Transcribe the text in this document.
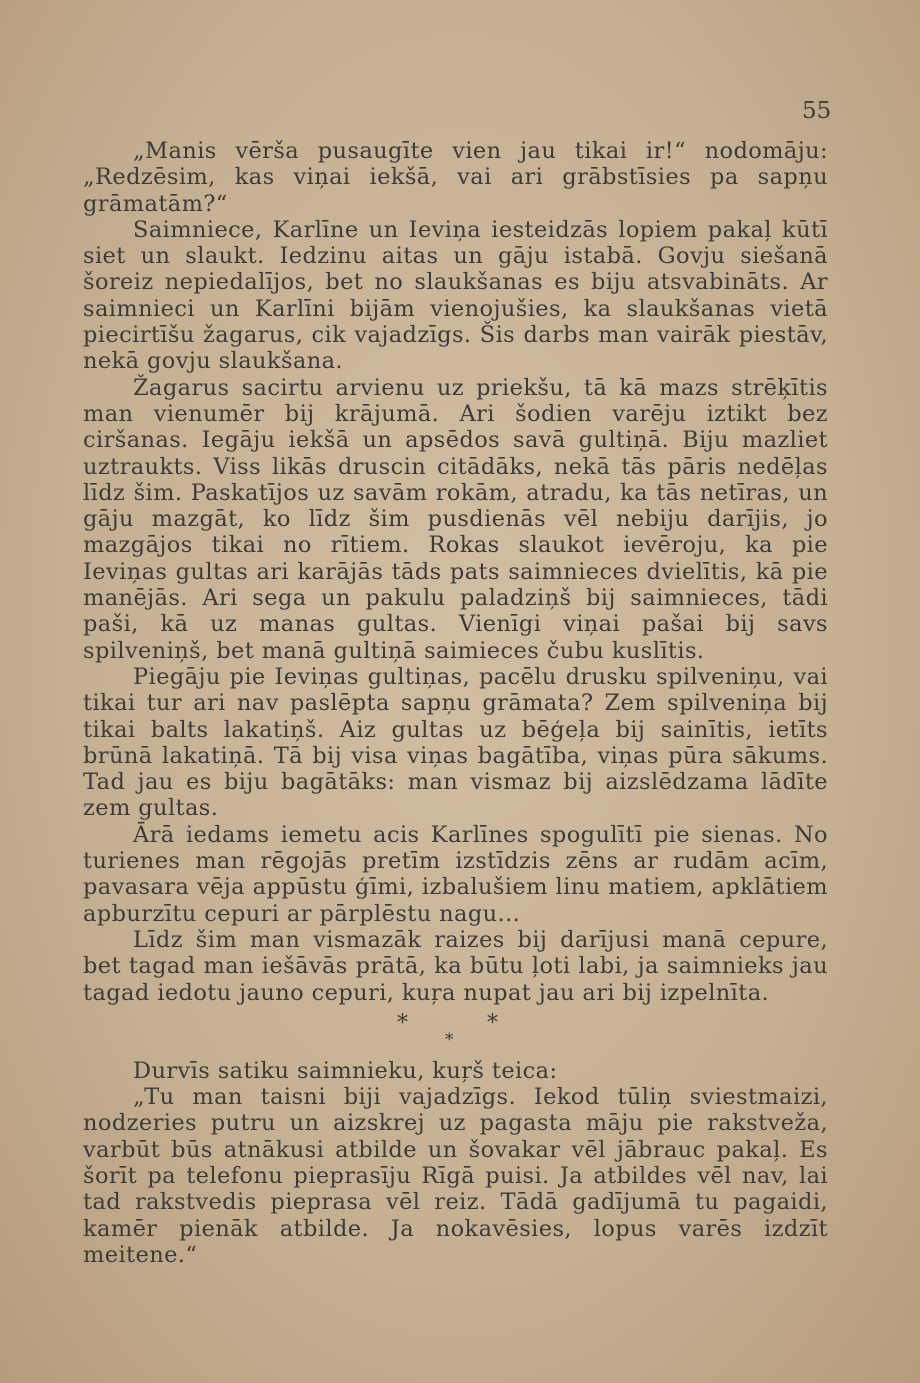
55

„Manis vērša pusaugīte vien jau tikai ir!“ nodomāju: „Redzēsim, kas viņai iekšā, vai ari grābstīsies pa sapņu grāmatām?“

Saimniece, Karlīne un Ieviņa iesteidzās lopiem pakaļ kūtī siet un slaukt. Iedzinu aitas un gāju istabā. Govju siešanā šoreiz nepiedalījos, bet no slaukšanas es biju atsvabināts. Ar saimnieci un Karlīni bijām vienojušies, ka slaukšanas vietā piecirtīšu žagarus, cik vajadzīgs. Šis darbs man vairāk piestāv, nekā govju slaukšana.

Žagarus sacirtu arvienu uz priekšu, tā kā mazs strēķītis man vienumēr bij krājumā. Ari šodien varēju iztikt bez ciršanas. Iegāju iekšā un apsēdos savā gultiņā. Biju mazliet uztraukts. Viss likās druscin citādāks, nekā tās pāris nedēļas līdz šim. Paskatījos uz savām rokām, atradu, ka tās netīras, un gāju mazgāt, ko līdz šim pusdienās vēl nebiju darījis, jo mazgājos tikai no rītiem. Rokas slaukot ievēroju, ka pie Ieviņas gultas ari karājās tāds pats saimnieces dvielītis, kā pie manējās. Ari sega un pakulu paladziņš bij saimnieces, tādi paši, kā uz manas gultas. Vienīgi viņai pašai bij savs spilveniņš, bet manā gultiņā saimieces čubu kuslītis.

Piegāju pie Ieviņas gultiņas, pacēlu drusku spilveniņu, vai tikai tur ari nav paslēpta sapņu grāmata? Zem spilveniņa bij tikai balts lakatiņš. Aiz gultas uz bēģeļa bij sainītis, ietīts brūnā lakatiņā. Tā bij visa viņas bagātība, viņas pūra sākums. Tad jau es biju bagātāks: man vismaz bij aizslēdzama lādīte zem gultas.

Ārā iedams iemetu acis Karlīnes spogulītī pie sienas. No turienes man rēgojās pretīm izstīdzis zēns ar rudām acīm, pavasara vēja appūstu ģīmi, izbalušiem linu matiem, apklātiem apburzītu cepuri ar pārplēstu nagu...

Līdz šim man vismazāk raizes bij darījusi manā cepure, bet tagad man iešāvās prātā, ka būtu ļoti labi, ja saimnieks jau tagad iedotu jauno cepuri, kuŗa nupat jau ari bij izpelnīta.

*	*
*

Durvīs satiku saimnieku, kuŗš teica:

„Tu man taisni biji vajadzīgs. Iekod tūliņ sviestmaizi, nodzeries putru un aizskrej uz pagasta māju pie rakstveža, varbūt būs atnākusi atbilde un šovakar vēl jābrauc pakaļ. Es šorīt pa telefonu pieprasīju Rīgā puisi. Ja atbildes vēl nav, lai tad rakstvedis pieprasa vēl reiz. Tādā gadījumā tu pagaidi, kamēr pienāk atbilde. Ja nokavēsies, lopus varēs izdzīt meitene.“
